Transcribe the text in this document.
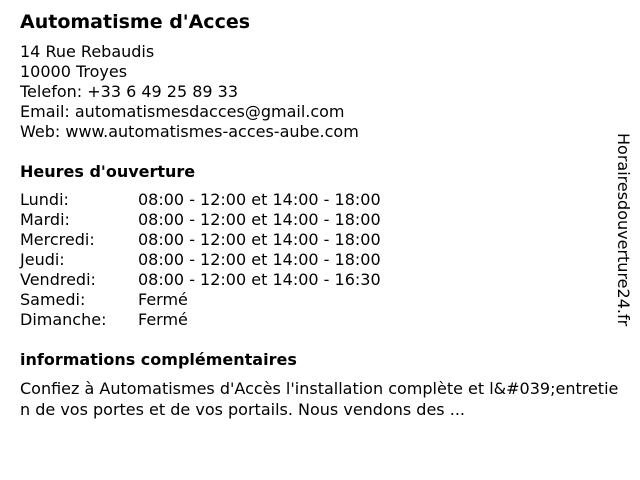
Automatisme d'Acces
14 Rue Rebaudis
10000 Troyes
Telefon: +33 6 49 25 89 33
Email: automatismesdacces@gmail.com
Web: www.automatismes-acces-aube.com
Heures d'ouverture
Lundi:	08:00 - 12:00 et 14:00 - 18:00
Mardi:	08:00 - 12:00 et 14:00 - 18:00
Mercredi:	08:00 - 12:00 et 14:00 - 18:00
Jeudi:	08:00 - 12:00 et 14:00 - 18:00
Vendredi:	08:00 - 12:00 et 14:00 - 16:30
Samedi:	Fermé
Dimanche:	Fermé
informations complémentaires
Confiez à Automatismes d'Accès l'installation complète et l&#039;entretien de vos portes et de vos portails. Nous vendons des ...
Horairesdouverture24.fr
